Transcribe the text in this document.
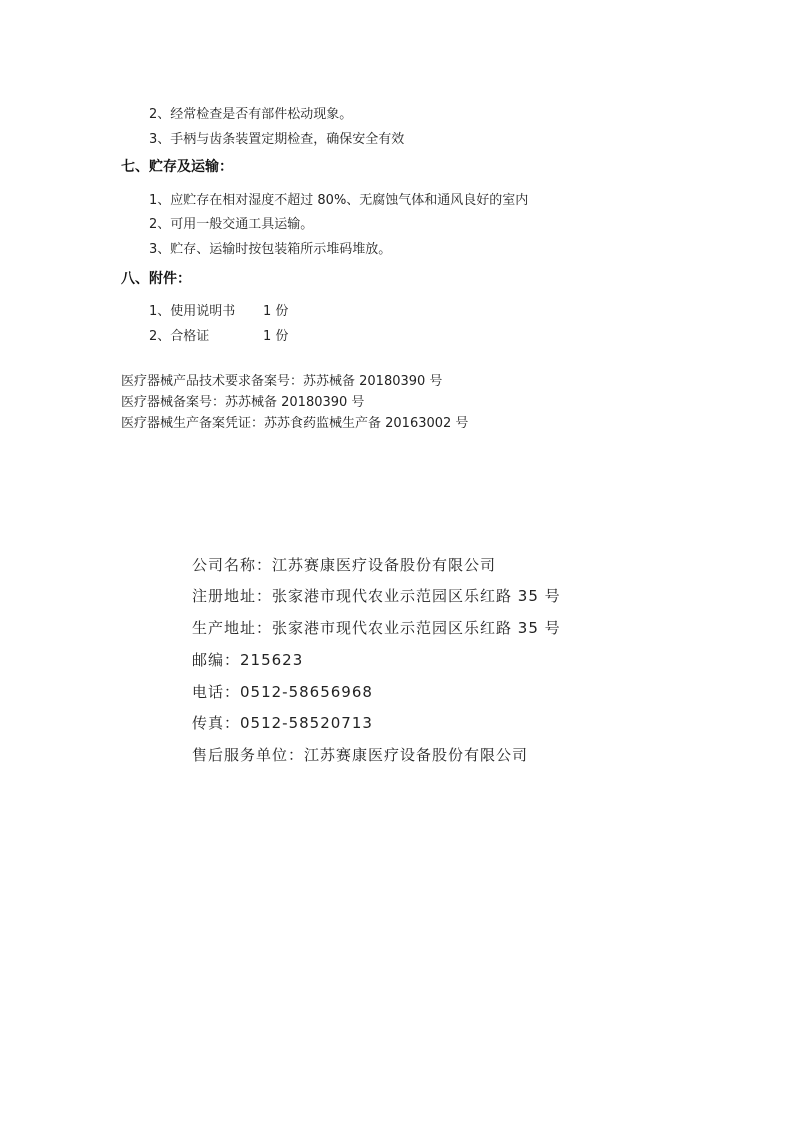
2、经常检查是否有部件松动现象。
3、手柄与齿条装置定期检查，确保安全有效
七、贮存及运输：
1、应贮存在相对湿度不超过 80%、无腐蚀气体和通风良好的室内
2、可用一般交通工具运输。
3、贮存、运输时按包装箱所示堆码堆放。
八、附件：
1、使用说明书 1 份
2、合格证	1 份
医疗器械产品技术要求备案号：苏苏械备 20180390 号
医疗器械备案号：苏苏械备 20180390 号
医疗器械生产备案凭证：苏苏食药监械生产备 20163002 号
公司名称：江苏赛康医疗设备股份有限公司
注册地址：张家港市现代农业示范园区乐红路 35 号
生产地址：张家港市现代农业示范园区乐红路 35 号
邮编：215623
电话：0512-58656968
传真：0512-58520713
售后服务单位：江苏赛康医疗设备股份有限公司
